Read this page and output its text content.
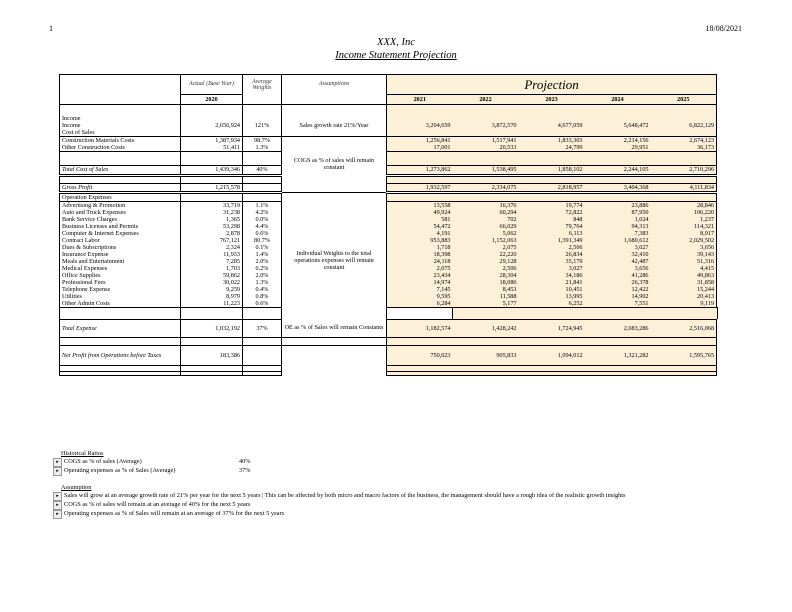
1	18/08/2021
XXX, Inc
Income Statement Projection
	Actual (Base Year)	Average Weights	Assumptions	Projection					
	2020			2021	2022	2023	2024	2025	

Income									
Income	2,656,924	121%	Sales growth rate 21%/Year	3,204,659	3,872,570	4,677,059	5,648,472	6,822,129	
Cost of Sales									
Construction Materials Costs	1,387,934	98.7%	COGS as % of sales will remain constant	1,256,841	1,517,941	1,833,303	2,214,156	2,674,123	
Other Construction Costs	51,411	1.3%		17,001	20,533	24,799	29,951	36,173	

Total Cost of Sales	1,439,346	40%		1,273,862	1,538,495	1,858,102	2,244,105	2,710,296	

Gross Profit	1,215,578			1,932,597	2,334,075	2,818,957	3,404,368	4,111,834	
Operation Expenses									
Advertising & Promotion	33,719	1.1%	Individual Weights to the total operations expenses will remain constant	13,558	16,376	19,774	23,886	28,846	
Auto and Truck Expenses	31,238	4.2%		49,924	60,294	72,822	87,950	106,220	
Bank Service Charges	1,365	0.0%		581	702	848	1,024	1,237	
Business Licenses and Permits	53,298	4.4%		54,472	66,029	79,764	94,313	114,321	
Computer & Internet Expenses	2,878	0.6%		4,191	5,062	6,113	7,383	8,917	
Contract Labor	767,121	80.7%		953,883	1,152,063	1,391,349	1,680,612	2,029,502	
Dues & Subscriptions	2,324	0.1%		1,718	2,075	2,506	3,027	3,656	
Insurance Expense	11,933	1.4%		18,398	22,220	26,834	32,410	39,143	
Meals and Entertainment	7,285	2.0%		24,118	29,128	35,179	42,487	51,316	
Medical Expenses	1,703	0.2%		2,075	2,506	3,027	3,656	4,415	
Office Supplies	59,862	2.0%		23,434	28,304	34,186	41,286	49,863	
Professional Fees	30,022	1.3%		14,974	18,086	21,841	26,378	31,858	
Telephone Expense	9,259	0.4%		7,145	8,453	10,451	12,422	15,244	
Utilities	8,979	0.8%		9,595	11,588	13,995	14,902	20,413	
Other Admin Costs	11,223	0.6%		6,284	5,177	6,252	7,551	9,119	

Total Expense	1,032,192	37%	OE as % of Sales will remain Constants	1,182,574	1,428,242	1,724,945	2,083,286	2,516,068	

Net Profit from Operations before Taxes	183,386			750,023	905,833	1,094,012	1,321,282	1,595,765	

Historical Ratios
▸ COGS as % of sales (Average)	40%
▸ Operating expenses as % of Sales (Average)	37%
Assumption
▸ Sales will grow at an average growth rate of 21% per year for the next 5 years | This can be affected by both micro and macro factors of the business, the management should have a rough idea of the realistic growth insights
▸ COGS as % of sales will remain at an average of 40% for the next 5 years
▸ Operating expenses as % of Sales will remain at an average of 37% for the next 5 years
